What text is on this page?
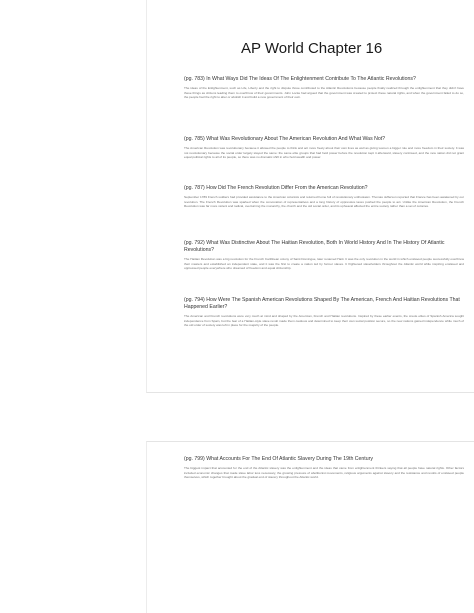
AP World Chapter 16

(pg. 783) In What Ways Did The Ideas Of The Enlightenment Contribute To The Atlantic Revolutions?

The ideas of the Enlightenment, such as Life, Liberty and the right to dispute those contributed to the Atlantic Revolutions because people finally realized through the enlightenment that they didn't have these things as citizens leading them to overthrow of their governments. John Locke had argued that the government was created to protect these natural rights, and when the government failed to do so, the people had the right to alter or abolish it and build a new government of their own.

(pg. 785) What Was Revolutionary About The American Revolution And What Was Not?

The American Revolution was revolutionary because it allowed the people to think and act more freely about their own lives as well as giving women a bigger role and more freedom in their society. It was not revolutionary because the social order largely stayed the same: the same elite groups that had held power before the revolution kept it afterward, slavery continued, and the new nation did not grant equal political rights to all of its people, so there was no dramatic shift in who held wealth and power.

(pg. 787) How Did The French Revolution Differ From the American Revolution?

September 1789 French soldiers had provided assistance to the American colonists and returned home full of revolutionary enthusiasm. Thomas Jefferson reported that France has been awakened by our revolution. The French Revolution was sparked when the convocation of representatives and a long history of oppressive taxes pushed the people to act. Unlike the American Revolution, the French Revolution was far more violent and radical, overturning the monarchy, the church and the old social order, and its upheaval affected the entire society rather than a set of colonies.

(pg. 792) What Was Distinctive About The Haitian Revolution, Both In World History And In The History Of Atlantic Revolutions?

The Haitian Revolution was a big revolution for the French Caribbean colony of Saint Domingue, later renamed Haiti. It was the only revolution in the world in which enslaved people successfully overthrew their masters and established an independent state, and it was the first to create a nation led by former slaves. It frightened slaveholders throughout the Atlantic world while inspiring enslaved and oppressed people everywhere who dreamed of freedom and equal citizenship.

(pg. 794) How Were The Spanish American Revolutions Shaped By The American, French And Haitian Revolutions That Happened Earlier?

The American and French revolutions were very much at mind and shaped by the American, French and Haitian revolutions. Inspired by these earlier events, the creole elites of Spanish America sought independence from Spain, but the fear of a Haitian-style slave revolt made them cautious and determined to keep their own social position secure, so the new nations gained independence while much of the old order of society was left in place for the majority of the people.

(pg. 799) What Accounts For The End Of Atlantic Slavery During The 19th Century

The biggest impact that accounted for the end of the Atlantic slavery was the enlightenment and the ideas that came from enlightenment thinkers saying that all people have natural rights. Other factors included economic changes that made slave labor less necessary, the growing pressure of abolitionist movements, religious arguments against slavery and the resistance and revolts of enslaved people themselves, which together brought about the gradual end of slavery throughout the Atlantic world.
